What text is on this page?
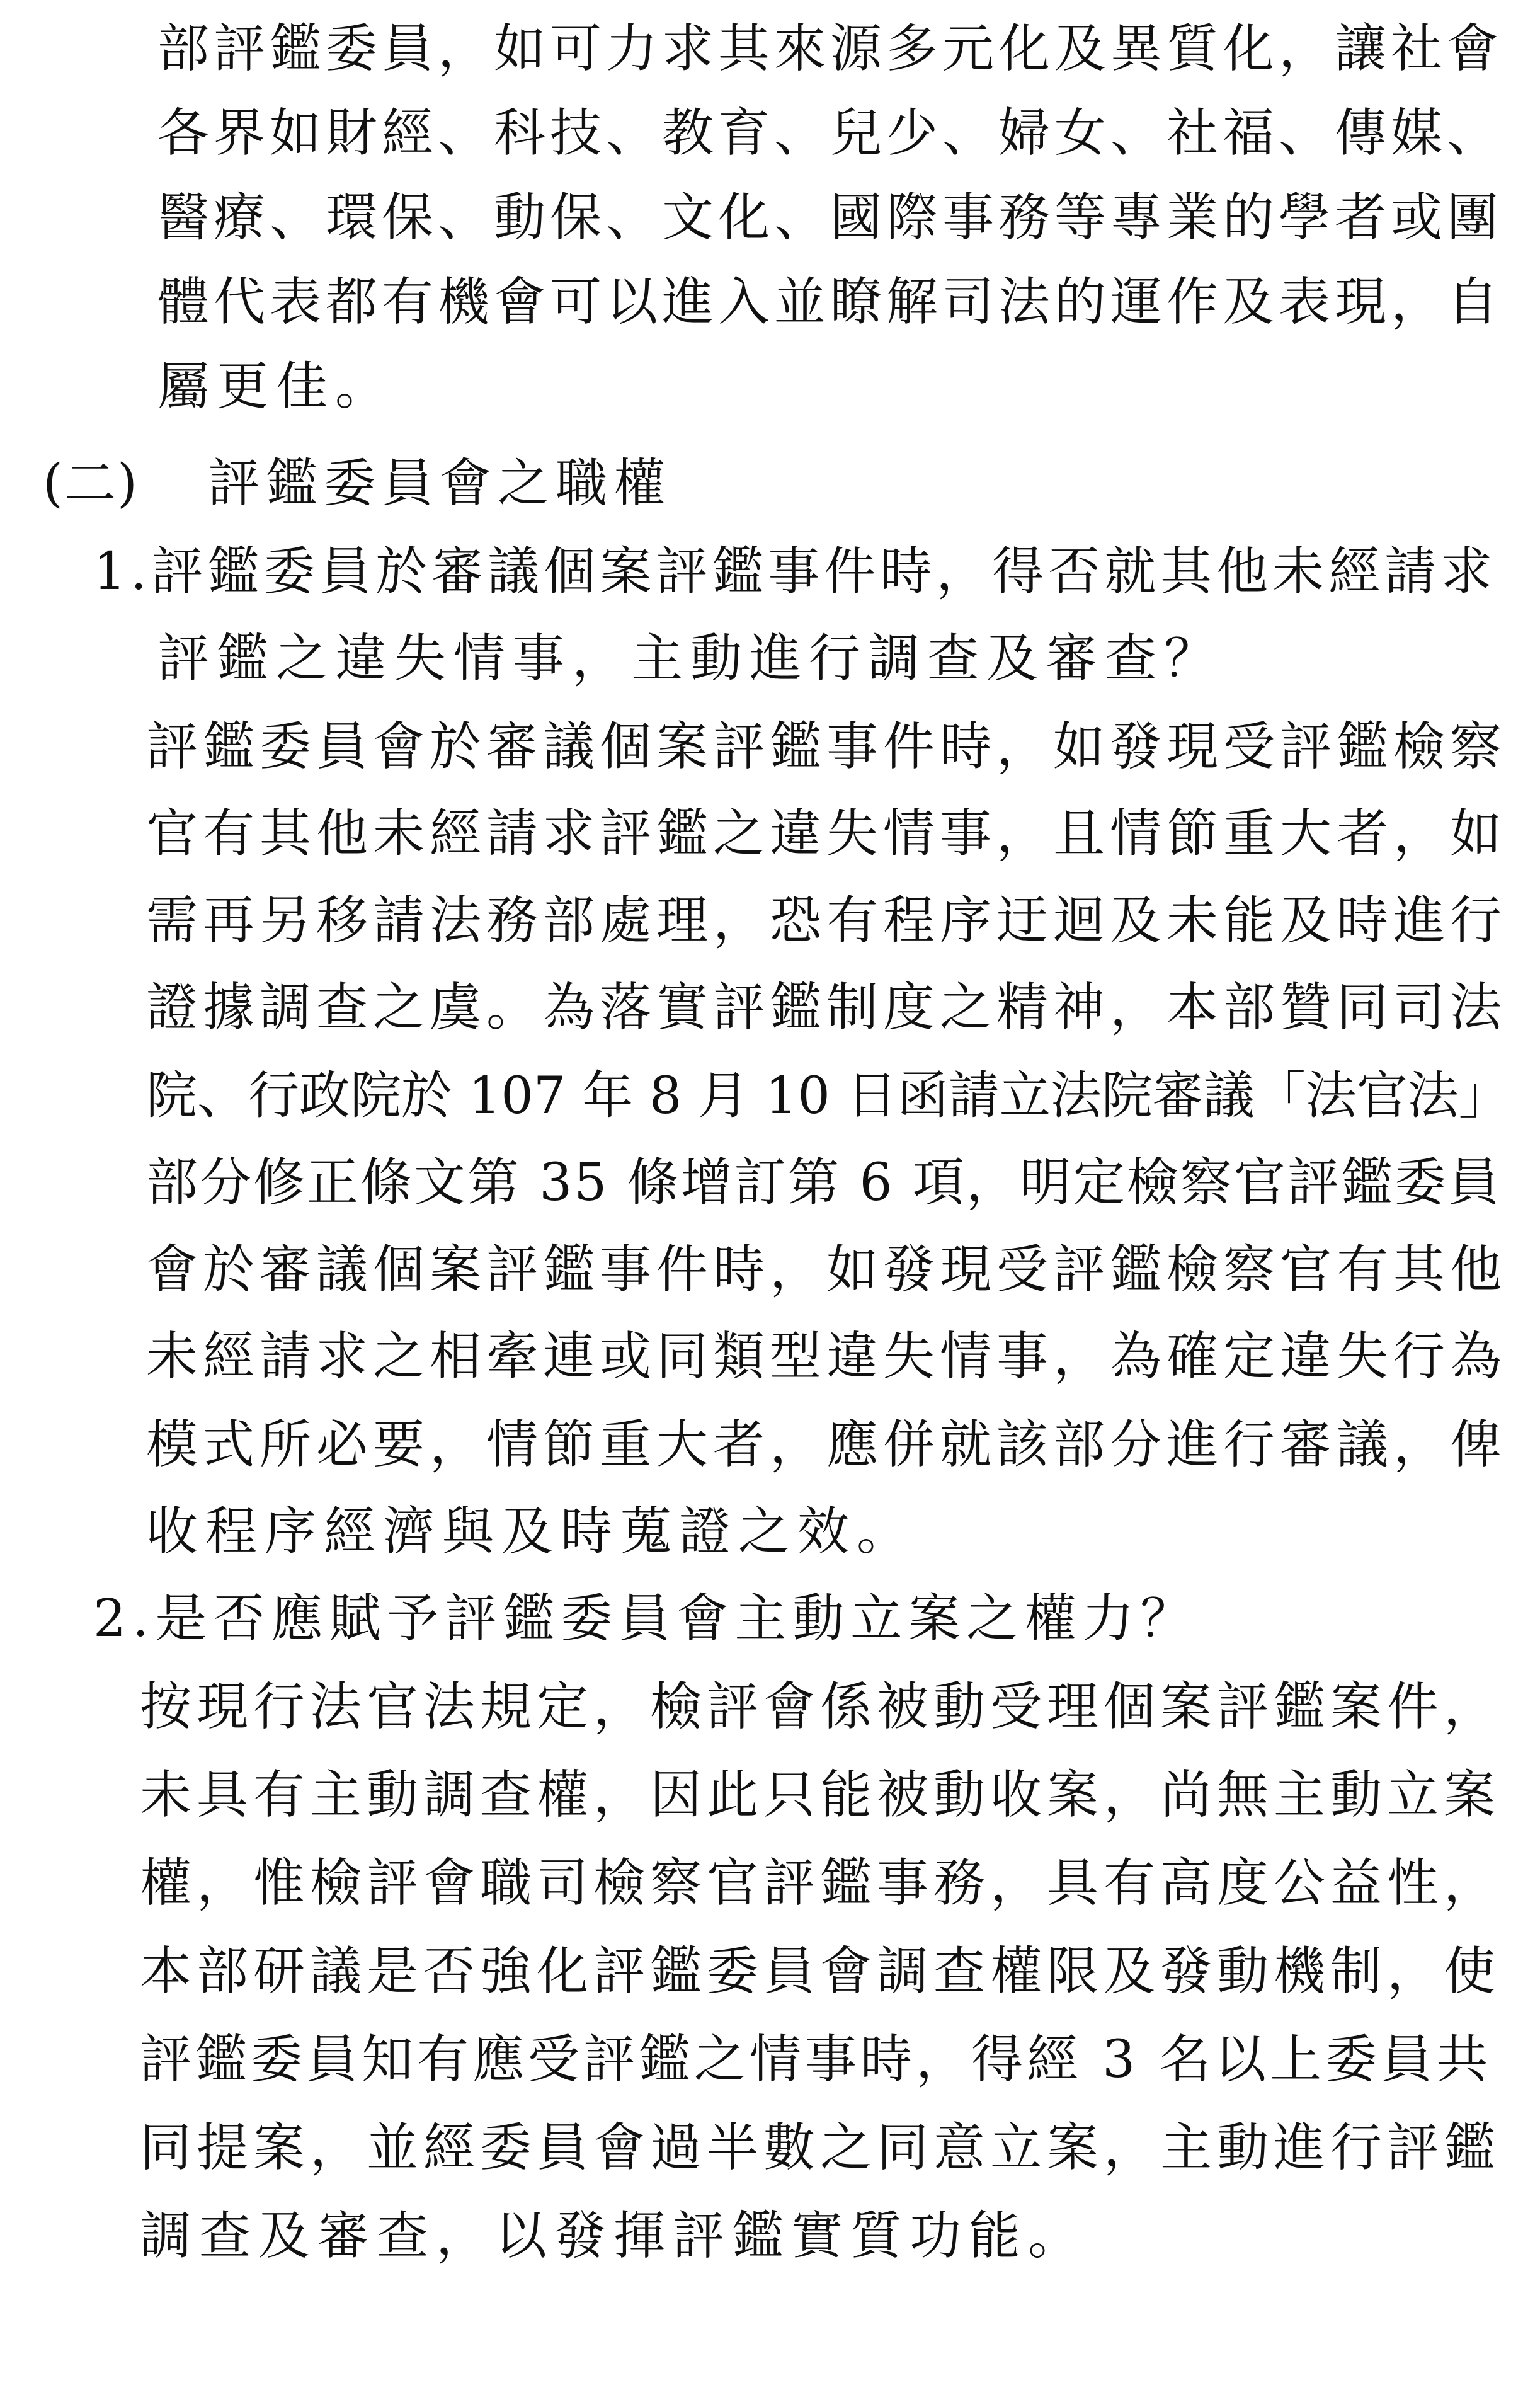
部評鑑委員，如可力求其來源多元化及異質化，讓社會
各界如財經、科技、教育、兒少、婦女、社福、傳媒、
醫療、環保、動保、文化、國際事務等專業的學者或團
體代表都有機會可以進入並瞭解司法的運作及表現，自
屬更佳。
(二) 評鑑委員會之職權
1.評鑑委員於審議個案評鑑事件時，得否就其他未經請求
評鑑之違失情事，主動進行調查及審查？
評鑑委員會於審議個案評鑑事件時，如發現受評鑑檢察
官有其他未經請求評鑑之違失情事，且情節重大者，如
需再另移請法務部處理，恐有程序迂迴及未能及時進行
證據調查之虞。為落實評鑑制度之精神，本部贊同司法
院、行政院於 107 年 8 月 10 日函請立法院審議「法官法」
部分修正條文第 35 條增訂第 6 項，明定檢察官評鑑委員
會於審議個案評鑑事件時，如發現受評鑑檢察官有其他
未經請求之相牽連或同類型違失情事，為確定違失行為
模式所必要，情節重大者，應併就該部分進行審議，俾
收程序經濟與及時蒐證之效。
2.是否應賦予評鑑委員會主動立案之權力？
按現行法官法規定，檢評會係被動受理個案評鑑案件，
未具有主動調查權，因此只能被動收案，尚無主動立案
權，惟檢評會職司檢察官評鑑事務，具有高度公益性，
本部研議是否強化評鑑委員會調查權限及發動機制，使
評鑑委員知有應受評鑑之情事時，得經 3 名以上委員共
同提案，並經委員會過半數之同意立案，主動進行評鑑
調查及審查，以發揮評鑑實質功能。
